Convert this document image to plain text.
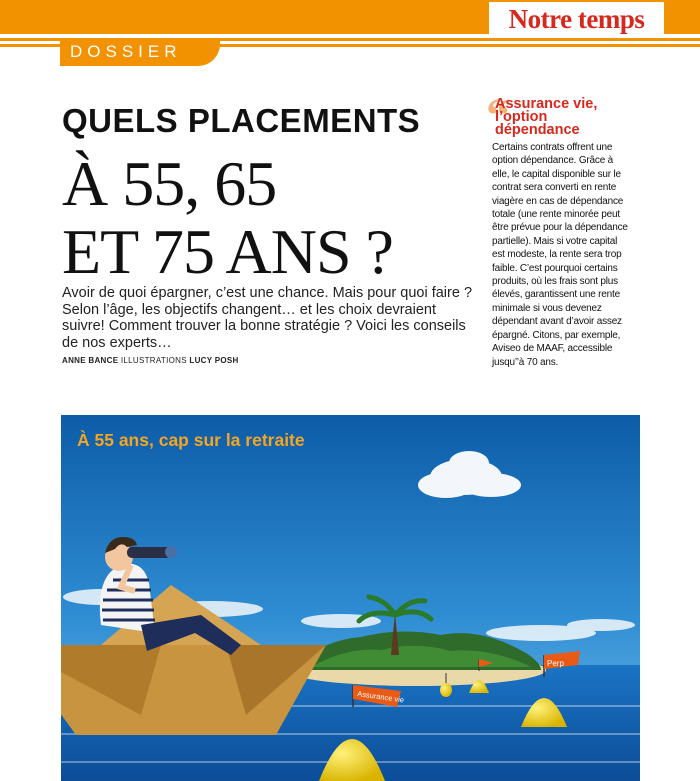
Notre temps
DOSSIER
QUELS PLACEMENTS
À 55, 65
ET 75 ANS ?

Avoir de quoi épargner, c’est une chance. Mais pour quoi faire ? Selon l’âge, les objectifs changent… et les choix devraient suivre! Comment trouver la bonne stratégie ? Voici les conseils de nos experts…

ANNE BANCE ILLUSTRATIONS LUCY POSH
“
Assurance vie, l’option dépendance

Certains contrats offrent une option dépendance. Grâce à elle, le capital disponible sur le contrat sera converti en rente viagère en cas de dépendance totale (une rente minorée peut être prévue pour la dépendance partielle). Mais si votre capital est modeste, la rente sera trop faible. C’est pourquoi certains produits, où les frais sont plus élevés, garantissent une rente minimale si vous devenez dépendant avant d’avoir assez épargné. Citons, par exemple, Aviseo de MAAF, accessible jusqu’’à 70 ans.

À 55 ans, cap sur la retraite
Perp
Assurance vie
